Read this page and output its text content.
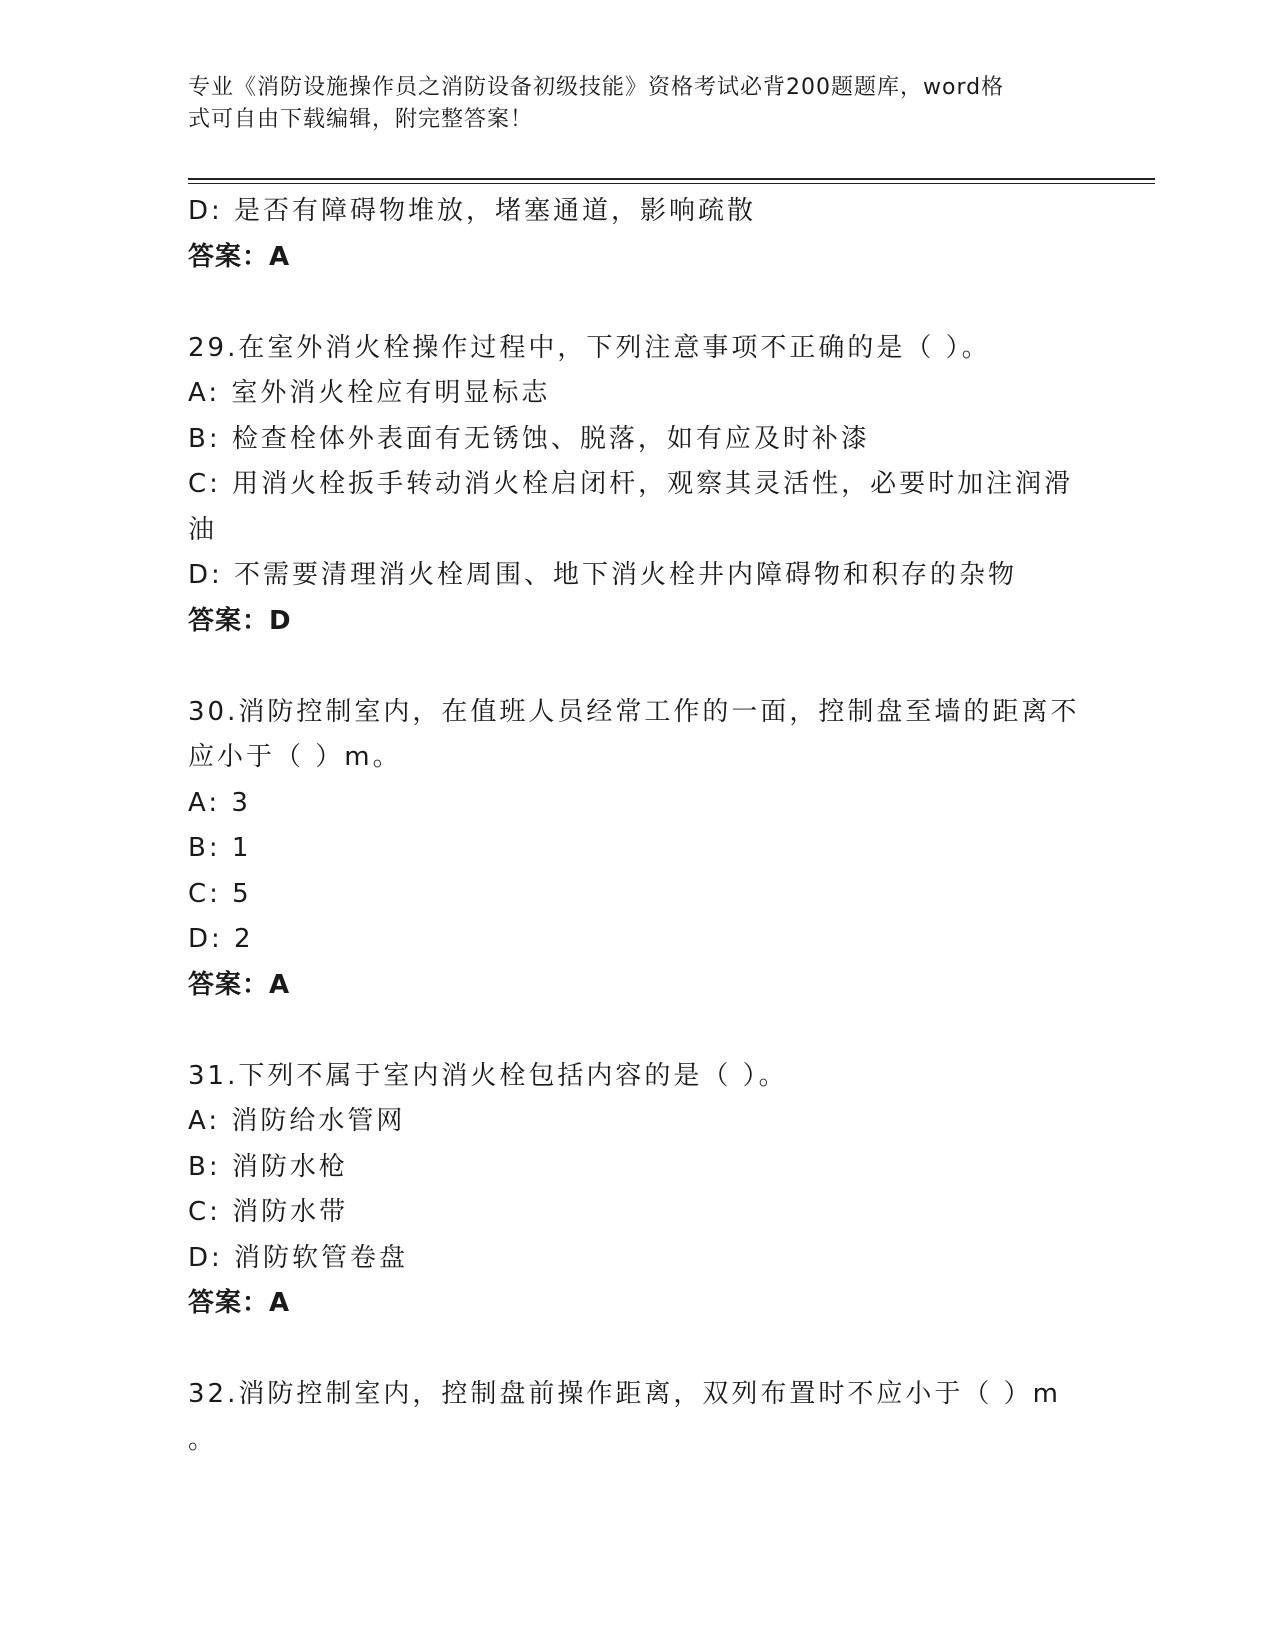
专业《消防设施操作员之消防设备初级技能》资格考试必背200题题库，word格
式可自由下载编辑，附完整答案！

D: 是否有障碍物堆放，堵塞通道，影响疏散

答案：A

29.在室外消火栓操作过程中，下列注意事项不正确的是（ ）。

A: 室外消火栓应有明显标志

B: 检查栓体外表面有无锈蚀、脱落，如有应及时补漆

C: 用消火栓扳手转动消火栓启闭杆，观察其灵活性，必要时加注润滑

油

D: 不需要清理消火栓周围、地下消火栓井内障碍物和积存的杂物

答案：D

30.消防控制室内，在值班人员经常工作的一面，控制盘至墙的距离不

应小于（ ）m。

A: 3

B: 1

C: 5

D: 2

答案：A

31.下列不属于室内消火栓包括内容的是（ ）。

A: 消防给水管网

B: 消防水枪

C: 消防水带

D: 消防软管卷盘

答案：A

32.消防控制室内，控制盘前操作距离，双列布置时不应小于（ ）m

。
